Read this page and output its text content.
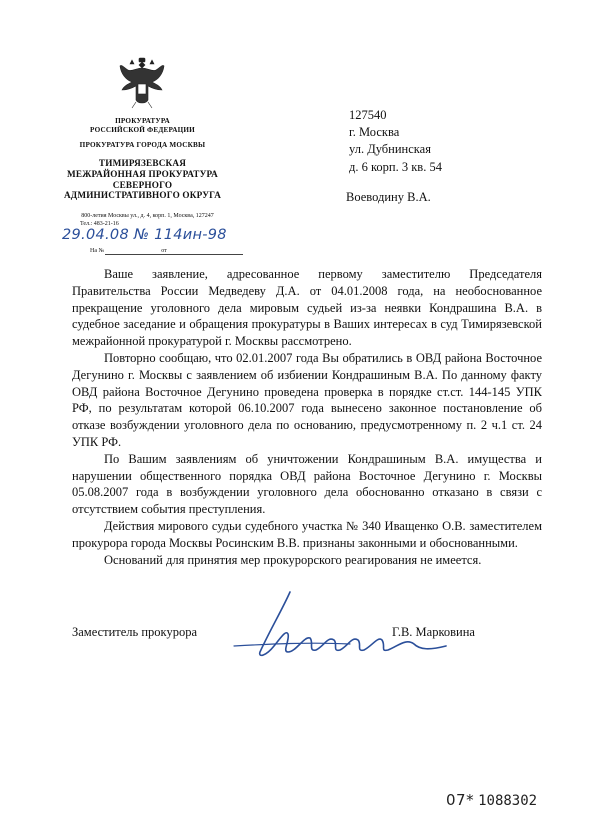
ПРОКУРАТУРА
РОССИЙСКОЙ ФЕДЕРАЦИИ
ПРОКУРАТУРА ГОРОДА МОСКВЫ
ТИМИРЯЗЕВСКАЯ
МЕЖРАЙОННАЯ ПРОКУРАТУРА
СЕВЕРНОГО
АДМИНИСТРАТИВНОГО ОКРУГА
800-летия Москвы ул., д. 4, корп. 1, Москва, 127247
Тел.: 483-21-16
29.04.08 № 114ин-98
На №	от
127540
г. Москва
ул. Дубнинская
д. 6 корп. 3 кв. 54
Воеводину В.А.

Ваше заявление, адресованное первому заместителю Председателя Правительства России Медведеву Д.А. от 04.01.2008 года, на необоснованное прекращение уголовного дела мировым судьей из-за неявки Кондрашина В.А. в судебное заседание и обращения прокуратуры в Ваших интересах в суд Тимирязевской межрайонной прокуратурой г. Москвы рассмотрено.

Повторно сообщаю, что 02.01.2007 года Вы обратились в ОВД района Восточное Дегунино г. Москвы с заявлением об избиении Кондрашиным В.А. По данному факту ОВД района Восточное Дегунино проведена проверка в порядке ст.ст. 144-145 УПК РФ, по результатам которой 06.10.2007 года вынесено законное постановление об отказе возбуждении уголовного дела по основанию, предусмотренному п. 2 ч.1 ст. 24 УПК РФ.

По Вашим заявлениям об уничтожении Кондрашиным В.А. имущества и нарушении общественного порядка ОВД района Восточное Дегунино г. Москвы 05.08.2007 года в возбуждении уголовного дела обоснованно отказано в связи с отсутствием события преступления.

Действия мирового судьи судебного участка № 340 Иващенко О.В. заместителем прокурора города Москвы Росинским В.В. признаны законными и обоснованными.

Оснований для принятия мер прокурорского реагирования не имеется.

Заместитель прокурора	Г.В. Марковина
07* 1088302
